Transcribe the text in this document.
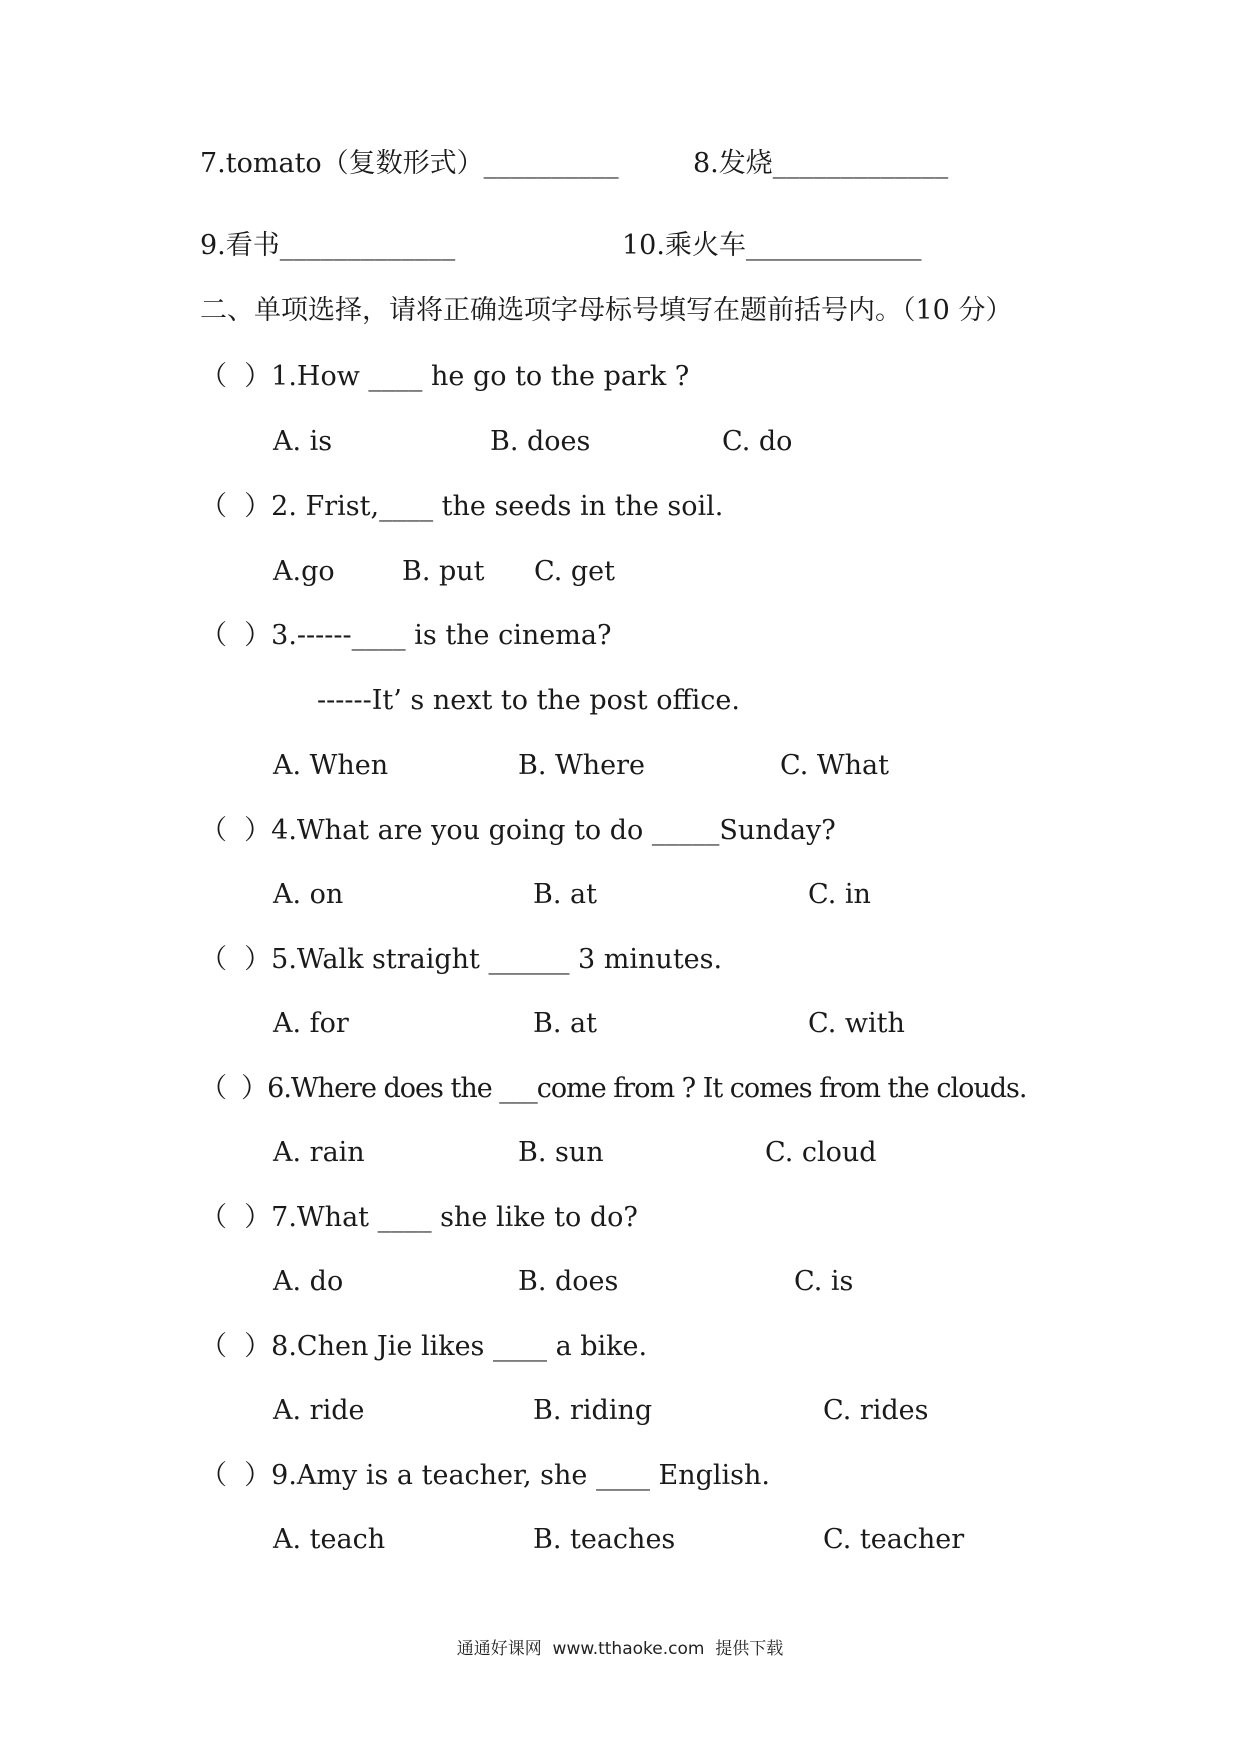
7.tomato（复数形式）__________	8.发烧_____________
9.看书_____________	10.乘火车_____________
二、单项选择，请将正确选项字母标号填写在题前括号内。（10 分）
（  ）1.How ____ he go to the park ?
A. is	B. does	C. do
（  ）2. Frist,____ the seeds in the soil.
A.go B. put C. get
（  ）3.------____ is the cinema?
------It’ s next to the post office.
A. When	B. Where	C. What
（  ）4.What are you going to do _____Sunday?
A. on	B. at	C. in
（  ）5.Walk straight ______ 3 minutes.
A. for	B. at	C. with
（  ）6.Where does the ___come from ? It comes from the clouds.
A. rain	B. sun	C. cloud
（  ）7.What ____ she like to do?
A. do	B. does	C. is
（  ）8.Chen Jie likes ____ a bike.
A. ride	B. riding	C. rides
（  ）9.Amy is a teacher, she ____ English.
A. teach	B. teaches	C. teacher
通通好课网  www.tthaoke.com  提供下载
